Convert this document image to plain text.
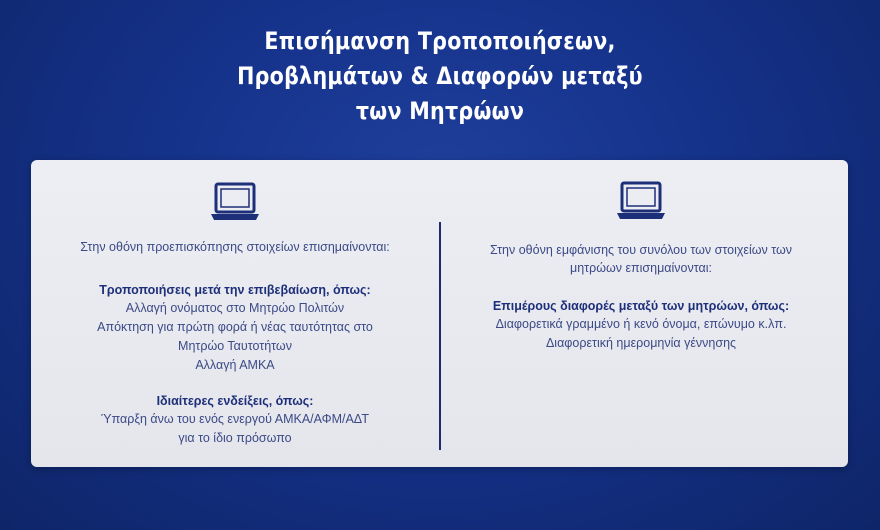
Επισήμανση Τροποποιήσεων,
Προβλημάτων & Διαφορών μεταξύ
των Μητρώων

Στην οθόνη προεπισκόπησης στοιχείων επισημαίνονται:

Τροποποιήσεις μετά την επιβεβαίωση, όπως:

Αλλαγή ονόματος στο Μητρώο Πολιτών

Απόκτηση για πρώτη φορά ή νέας ταυτότητας στο

Μητρώο Ταυτοτήτων

Αλλαγή ΑΜΚΑ

Ιδιαίτερες ενδείξεις, όπως:

Ύπαρξη άνω του ενός ενεργού ΑΜΚΑ/ΑΦΜ/ΑΔΤ

για το ίδιο πρόσωπο

Στην οθόνη εμφάνισης του συνόλου των στοιχείων των

μητρώων επισημαίνονται:

Επιμέρους διαφορές μεταξύ των μητρώων, όπως:

Διαφορετικά γραμμένο ή κενό όνομα, επώνυμο κ.λπ.

Διαφορετική ημερομηνία γέννησης
